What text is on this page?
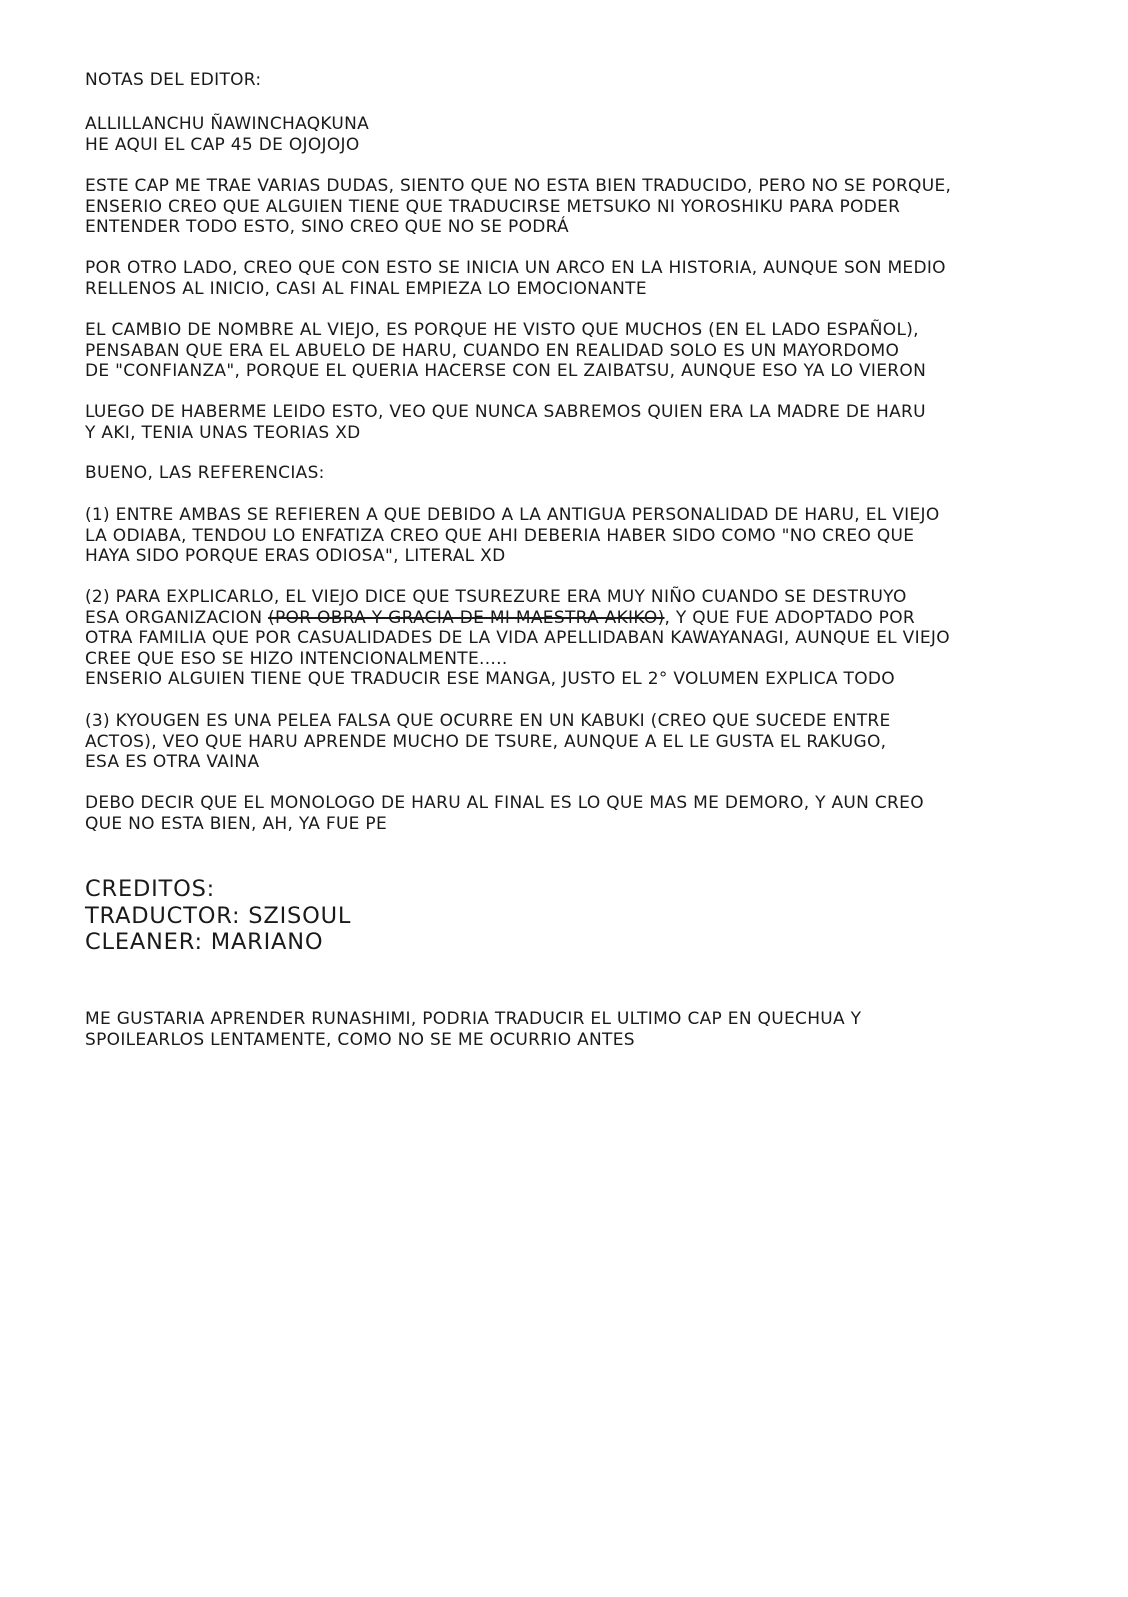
NOTAS DEL EDITOR:

ALLILLANCHU ÑAWINCHAQKUNA
HE AQUI EL CAP 45 DE OJOJOJO

ESTE CAP ME TRAE VARIAS DUDAS, SIENTO QUE NO ESTA BIEN TRADUCIDO, PERO NO SE PORQUE,
ENSERIO CREO QUE ALGUIEN TIENE QUE TRADUCIRSE METSUKO NI YOROSHIKU PARA PODER
ENTENDER TODO ESTO, SINO CREO QUE NO SE PODRÁ

POR OTRO LADO, CREO QUE CON ESTO SE INICIA UN ARCO EN LA HISTORIA, AUNQUE SON MEDIO
RELLENOS AL INICIO, CASI AL FINAL EMPIEZA LO EMOCIONANTE

EL CAMBIO DE NOMBRE AL VIEJO, ES PORQUE HE VISTO QUE MUCHOS (EN EL LADO ESPAÑOL),
PENSABAN QUE ERA EL ABUELO DE HARU, CUANDO EN REALIDAD SOLO ES UN MAYORDOMO
DE "CONFIANZA", PORQUE EL QUERIA HACERSE CON EL ZAIBATSU, AUNQUE ESO YA LO VIERON

LUEGO DE HABERME LEIDO ESTO, VEO QUE NUNCA SABREMOS QUIEN ERA LA MADRE DE HARU
Y AKI, TENIA UNAS TEORIAS XD

BUENO, LAS REFERENCIAS:

(1) ENTRE AMBAS SE REFIEREN A QUE DEBIDO A LA ANTIGUA PERSONALIDAD DE HARU, EL VIEJO
LA ODIABA, TENDOU LO ENFATIZA CREO QUE AHI DEBERIA HABER SIDO COMO "NO CREO QUE
HAYA SIDO PORQUE ERAS ODIOSA", LITERAL XD

(2) PARA EXPLICARLO, EL VIEJO DICE QUE TSUREZURE ERA MUY NIÑO CUANDO SE DESTRUYO
ESA ORGANIZACION (POR OBRA Y GRACIA DE MI MAESTRA AKIKO), Y QUE FUE ADOPTADO POR
OTRA FAMILIA QUE POR CASUALIDADES DE LA VIDA APELLIDABAN KAWAYANAGI, AUNQUE EL VIEJO
CREE QUE ESO SE HIZO INTENCIONALMENTE.....
ENSERIO ALGUIEN TIENE QUE TRADUCIR ESE MANGA, JUSTO EL 2° VOLUMEN EXPLICA TODO

(3) KYOUGEN ES UNA PELEA FALSA QUE OCURRE EN UN KABUKI (CREO QUE SUCEDE ENTRE
ACTOS), VEO QUE HARU APRENDE MUCHO DE TSURE, AUNQUE A EL LE GUSTA EL RAKUGO,
ESA ES OTRA VAINA

DEBO DECIR QUE EL MONOLOGO DE HARU AL FINAL ES LO QUE MAS ME DEMORO, Y AUN CREO
QUE NO ESTA BIEN, AH, YA FUE PE

CREDITOS:
TRADUCTOR: SZISOUL
CLEANER: MARIANO

ME GUSTARIA APRENDER RUNASHIMI, PODRIA TRADUCIR EL ULTIMO CAP EN QUECHUA Y
SPOILEARLOS LENTAMENTE, COMO NO SE ME OCURRIO ANTES
